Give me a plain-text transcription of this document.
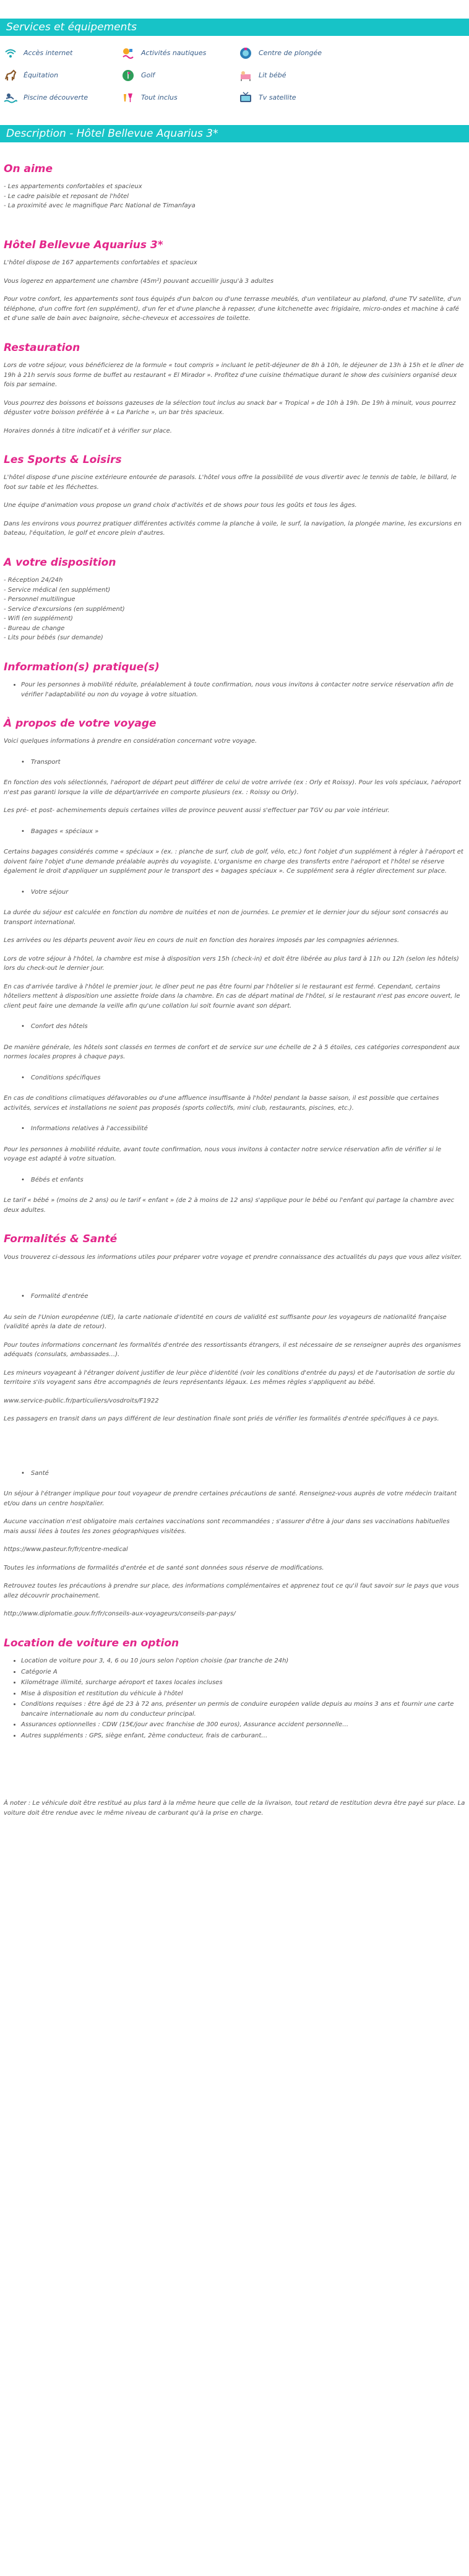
Services et équipements
Accès internet	Activités nautiques	Centre de plongée
Équitation	Golf	Lit bébé
Piscine découverte	Tout inclus	Tv satellite
Description - Hôtel Bellevue Aquarius 3*
On aime

- Les appartements confortables et spacieux

- Le cadre paisible et reposant de l'hôtel

- La proximité avec le magnifique Parc National de Timanfaya

Hôtel Bellevue Aquarius 3*

L'hôtel dispose de 167 appartements confortables et spacieux

Vous logerez en appartement une chambre (45m²) pouvant accueillir jusqu'à 3 adultes

Pour votre confort, les appartements sont tous équipés d'un balcon ou d'une terrasse meublés, d'un ventilateur au plafond, d'une TV satellite, d'un téléphone, d'un coffre fort (en supplément), d'un fer et d'une planche à repasser, d'une kitchenette avec frigidaire, micro-ondes et machine à café et d'une salle de bain avec baignoire, sèche-cheveux et accessoires de toilette.

Restauration

Lors de votre séjour, vous bénéficierez de la formule « tout compris » incluant le petit-déjeuner de 8h à 10h, le déjeuner de 13h à 15h et le dîner de 19h à 21h servis sous forme de buffet au restaurant « El Mirador ». Profitez d'une cuisine thématique durant le show des cuisiniers organisé deux fois par semaine.

Vous pourrez des boissons et boissons gazeuses de la sélection tout inclus au snack bar « Tropical » de 10h à 19h. De 19h à minuit, vous pourrez déguster votre boisson préférée à « La Pariche », un bar très spacieux.

Horaires donnés à titre indicatif et à vérifier sur place.

Les Sports & Loisirs

L'hôtel dispose d'une piscine extérieure entourée de parasols. L'hôtel vous offre la possibilité de vous divertir avec le tennis de table, le billard, le foot sur table et les fléchettes.

Une équipe d'animation vous propose un grand choix d'activités et de shows pour tous les goûts et tous les âges.

Dans les environs vous pourrez pratiquer différentes activités comme la planche à voile, le surf, la navigation, la plongée marine, les excursions en bateau, l'équitation, le golf et encore plein d'autres.

A votre disposition

- Réception 24/24h

- Service médical (en supplément)

- Personnel multilingue

- Service d'excursions (en supplément)

- Wifi (en supplément)

- Bureau de change

- Lits pour bébés (sur demande)

Information(s) pratique(s)
• Pour les personnes à mobilité réduite, préalablement à toute confirmation, nous vous invitons à contacter notre service réservation afin de vérifier l'adaptabilité ou non du voyage à votre situation.
À propos de votre voyage

Voici quelques informations à prendre en considération concernant votre voyage.

• Transport

En fonction des vols sélectionnés, l'aéroport de départ peut différer de celui de votre arrivée (ex : Orly et Roissy). Pour les vols spéciaux, l'aéroport n'est pas garanti lorsque la ville de départ/arrivée en comporte plusieurs (ex. : Roissy ou Orly).

Les pré- et post- acheminements depuis certaines villes de province peuvent aussi s'effectuer par TGV ou par voie intérieur.

• Bagages « spéciaux »

Certains bagages considérés comme « spéciaux » (ex. : planche de surf, club de golf, vélo, etc.) font l'objet d'un supplément à régler à l'aéroport et doivent faire l'objet d'une demande préalable auprès du voyagiste. L'organisme en charge des transferts entre l'aéroport et l'hôtel se réserve également le droit d'appliquer un supplément pour le transport des « bagages spéciaux ». Ce supplément sera à régler directement sur place.

• Votre séjour

La durée du séjour est calculée en fonction du nombre de nuitées et non de journées. Le premier et le dernier jour du séjour sont consacrés au transport international.

Les arrivées ou les départs peuvent avoir lieu en cours de nuit en fonction des horaires imposés par les compagnies aériennes.

Lors de votre séjour à l'hôtel, la chambre est mise à disposition vers 15h (check-in) et doit être libérée au plus tard à 11h ou 12h (selon les hôtels) lors du check-out le dernier jour.

En cas d'arrivée tardive à l'hôtel le premier jour, le dîner peut ne pas être fourni par l'hôtelier si le restaurant est fermé. Cependant, certains hôteliers mettent à disposition une assiette froide dans la chambre. En cas de départ matinal de l'hôtel, si le restaurant n'est pas encore ouvert, le client peut faire une demande la veille afin qu'une collation lui soit fournie avant son départ.

• Confort des hôtels

De manière générale, les hôtels sont classés en termes de confort et de service sur une échelle de 2 à 5 étoiles, ces catégories correspondent aux normes locales propres à chaque pays.

• Conditions spécifiques

En cas de conditions climatiques défavorables ou d'une affluence insuffisante à l'hôtel pendant la basse saison, il est possible que certaines activités, services et installations ne soient pas proposés (sports collectifs, mini club, restaurants, piscines, etc.).

• Informations relatives à l'accessibilité

Pour les personnes à mobilité réduite, avant toute confirmation, nous vous invitons à contacter notre service réservation afin de vérifier si le voyage est adapté à votre situation.

• Bébés et enfants

Le tarif « bébé » (moins de 2 ans) ou le tarif « enfant » (de 2 à moins de 12 ans) s'applique pour le bébé ou l'enfant qui partage la chambre avec deux adultes.

Formalités & Santé

Vous trouverez ci-dessous les informations utiles pour préparer votre voyage et prendre connaissance des actualités du pays que vous allez visiter.

• Formalité d'entrée

Au sein de l'Union européenne (UE), la carte nationale d'identité en cours de validité est suffisante pour les voyageurs de nationalité française (validité après la date de retour).

Pour toutes informations concernant les formalités d'entrée des ressortissants étrangers, il est nécessaire de se renseigner auprès des organismes adéquats (consulats, ambassades…).

Les mineurs voyageant à l'étranger doivent justifier de leur pièce d'identité (voir les conditions d'entrée du pays) et de l'autorisation de sortie du territoire s'ils voyagent sans être accompagnés de leurs représentants légaux. Les mêmes règles s'appliquent au bébé.

www.service-public.fr/particuliers/vosdroits/F1922

Les passagers en transit dans un pays différent de leur destination finale sont priés de vérifier les formalités d'entrée spécifiques à ce pays.

• Santé

Un séjour à l'étranger implique pour tout voyageur de prendre certaines précautions de santé. Renseignez-vous auprès de votre médecin traitant et/ou dans un centre hospitalier.

Aucune vaccination n'est obligatoire mais certaines vaccinations sont recommandées ; s'assurer d'être à jour dans ses vaccinations habituelles mais aussi liées à toutes les zones géographiques visitées.

https://www.pasteur.fr/fr/centre-medical

Toutes les informations de formalités d'entrée et de santé sont données sous réserve de modifications.

Retrouvez toutes les précautions à prendre sur place, des informations complémentaires et apprenez tout ce qu'il faut savoir sur le pays que vous allez découvrir prochainement.

http://www.diplomatie.gouv.fr/fr/conseils-aux-voyageurs/conseils-par-pays/

Location de voiture en option
• Location de voiture pour 3, 4, 6 ou 10 jours selon l'option choisie (par tranche de 24h)
• Catégorie A
• Kilométrage illimité, surcharge aéroport et taxes locales incluses
• Mise à disposition et restitution du véhicule à l'hôtel
• Conditions requises : être âgé de 23 à 72 ans, présenter un permis de conduire européen valide depuis au moins 3 ans et fournir une carte bancaire internationale au nom du conducteur principal.
• Assurances optionnelles : CDW (15€/jour avec franchise de 300 euros), Assurance accident personnelle…
• Autres suppléments : GPS, siège enfant, 2ème conducteur, frais de carburant…

À noter : Le véhicule doit être restitué au plus tard à la même heure que celle de la livraison, tout retard de restitution devra être payé sur place. La voiture doit être rendue avec le même niveau de carburant qu'à la prise en charge.
